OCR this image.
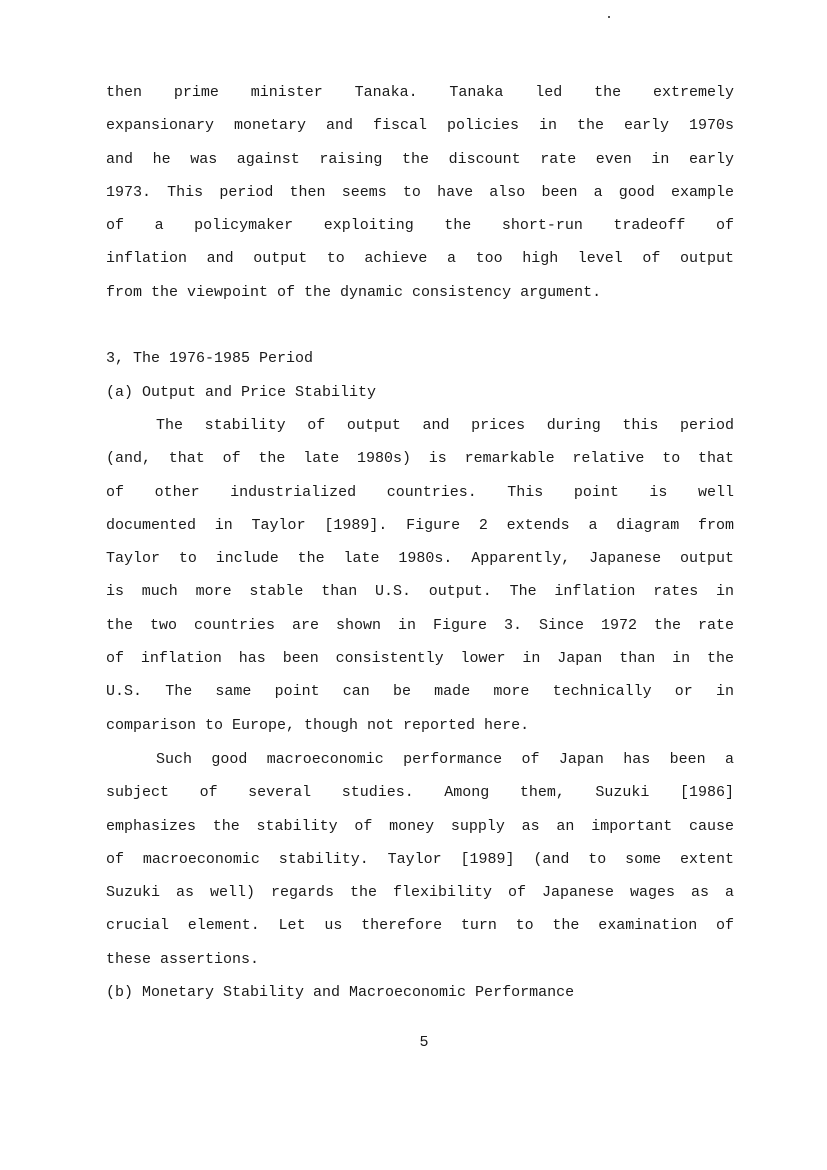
then prime minister Tanaka. Tanaka led the extremely
expansionary monetary and fiscal policies in the early 1970s
and he was against raising the discount rate even in early
1973. This period then seems to have also been a good example
of a policymaker exploiting the short-run tradeoff of
inflation and output to achieve a too high level of output
from the viewpoint of the dynamic consistency argument.
3, The 1976-1985 Period
(a) Output and Price Stability
The stability of output and prices during this period
(and, that of the late 1980s) is remarkable relative to that
of other industrialized countries. This point is well
documented in Taylor [1989]. Figure 2 extends a diagram from
Taylor to include the late 1980s. Apparently, Japanese output
is much more stable than U.S. output. The inflation rates in
the two countries are shown in Figure 3. Since 1972 the rate
of inflation has been consistently lower in Japan than in the
U.S. The same point can be made more technically or in
comparison to Europe, though not reported here.
Such good macroeconomic performance of Japan has been a
subject of several studies. Among them, Suzuki [1986]
emphasizes the stability of money supply as an important cause
of macroeconomic stability. Taylor [1989] (and to some extent
Suzuki as well) regards the flexibility of Japanese wages as a
crucial element. Let us therefore turn to the examination of
these assertions.
(b) Monetary Stability and Macroeconomic Performance
5
